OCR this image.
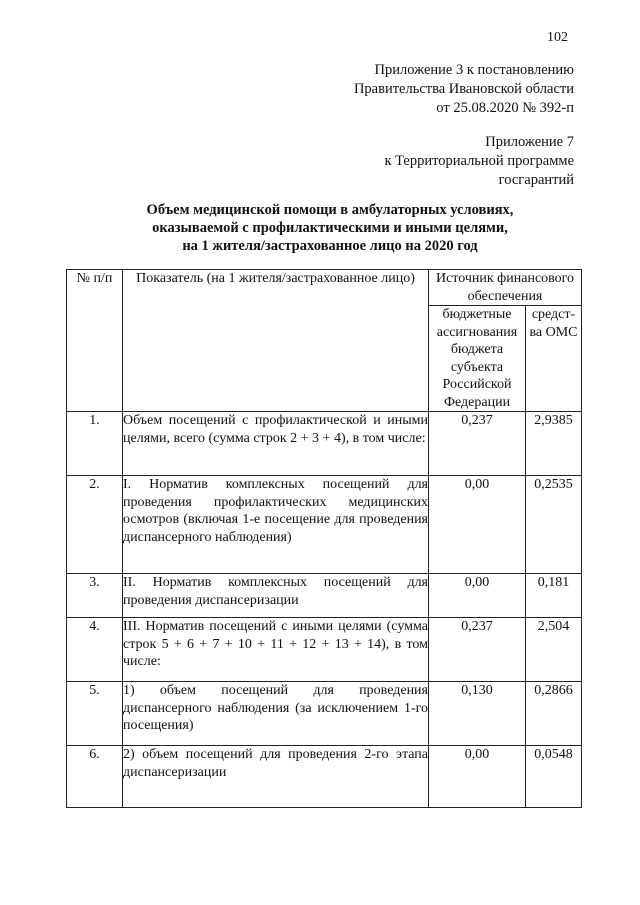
102
Приложение 3 к постановлению
Правительства Ивановской области
от 25.08.2020 № 392-п
Приложение 7
к Территориальной программе
госгарантий
Объем медицинской помощи в амбулаторных условиях,
оказываемой с профилактическими и иными целями,
на 1 жителя/застрахованное лицо на 2020 год
№ п/п	Показатель (на 1 жителя/застрахованное лицо)	Источник финансового обеспечения	
		бюджетные ассигнования бюджета субъекта Российской Федерации	средст-ва ОМС
1.	Объем посещений с профилактической и иными целями, всего (сумма строк 2 + 3 + 4), в том числе:	0,237	2,9385
2.	I. Норматив комплексных посещений для проведения профилактических медицинских осмотров (включая 1-е посещение для проведения диспансерного наблюдения)	0,00	0,2535
3.	II. Норматив комплексных посещений для проведения диспансеризации	0,00	0,181
4.	III. Норматив посещений с иными целями (сумма строк 5 + 6 + 7 + 10 + 11 + 12 + 13 + 14), в том числе:	0,237	2,504
5.	1) объем посещений для проведения диспансерного наблюдения (за исключением 1-го посещения)	0,130	0,2866
6.	2) объем посещений для проведения 2-го этапа диспансеризации	0,00	0,0548
